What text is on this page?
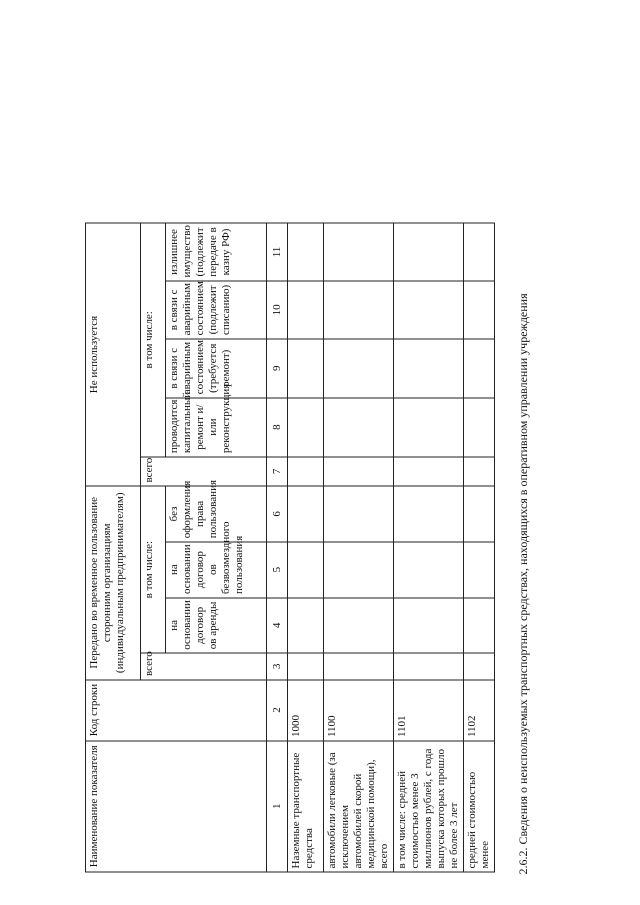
2.6.2. Сведения о неиспользуемых транспортных средствах, находящихся в оперативном управлении учреждения
Наименование показателя	Код строки	Передано во временное пользование сторонним организациям (индивидуальным предпринимателям)				Не используется				
		всего	в том числе:			всего	в том числе:			
			на основании договор ов аренды	на основании договор ов безвозмездного пользования	без оформления права пользования		проводится капитальный ремонт и/или реконструкция	в связи с аварийным состоянием (требуется ремонт)	в связи с аварийным состоянием (подлежит списанию)	излишнее имущество (подлежит передаче в казну РФ)
1	2	3	4	5	6	7	8	9	10	11
Наземные транспортные средства	1000									
автомобили легковые (за исключением автомобилей скорой медицинской помощи), всего	1100									
в том числе: средней стоимостью менее 3 миллионов рублей, с года выпуска которых прошло не более 3 лет	1101									
средней стоимостью менее	1102									
